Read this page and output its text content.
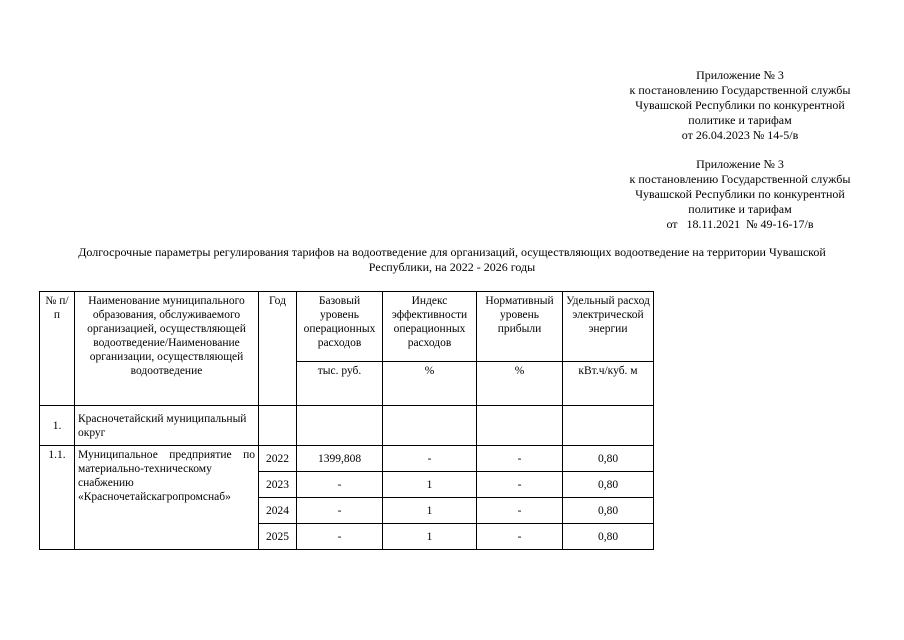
Приложение № 3
к постановлению Государственной службы
Чувашской Республики по конкурентной
политике и тарифам
от 26.04.2023 № 14-5/в
Приложение № 3
к постановлению Государственной службы
Чувашской Республики по конкурентной
политике и тарифам
от   18.11.2021  № 49-16-17/в
Долгосрочные параметры регулирования тарифов на водоотведение для организаций, осуществляющих водоотведение на территории Чувашской
Республики, на 2022 - 2026 годы
№ п/п	Наименование муниципального образования, обслуживаемого организацией, осуществляющей водоотведение/Наименование организации, осуществляющей водоотведение	Год	Базовый уровень операционных расходов	Индекс эффективности операционных расходов	Нормативный уровень прибыли	Удельный расход электрической энергии
			тыс. руб.	%	%	кВт.ч/куб. м
1.	Красночетайский муниципальный округ					
1.1.	Муниципальное предприятие по материально-техническому снабжению «Красночетайскагропромснаб»	2022	1399,808	-	-	0,80
		2023	-	1	-	0,80
		2024	-	1	-	0,80
		2025	-	1	-	0,80
